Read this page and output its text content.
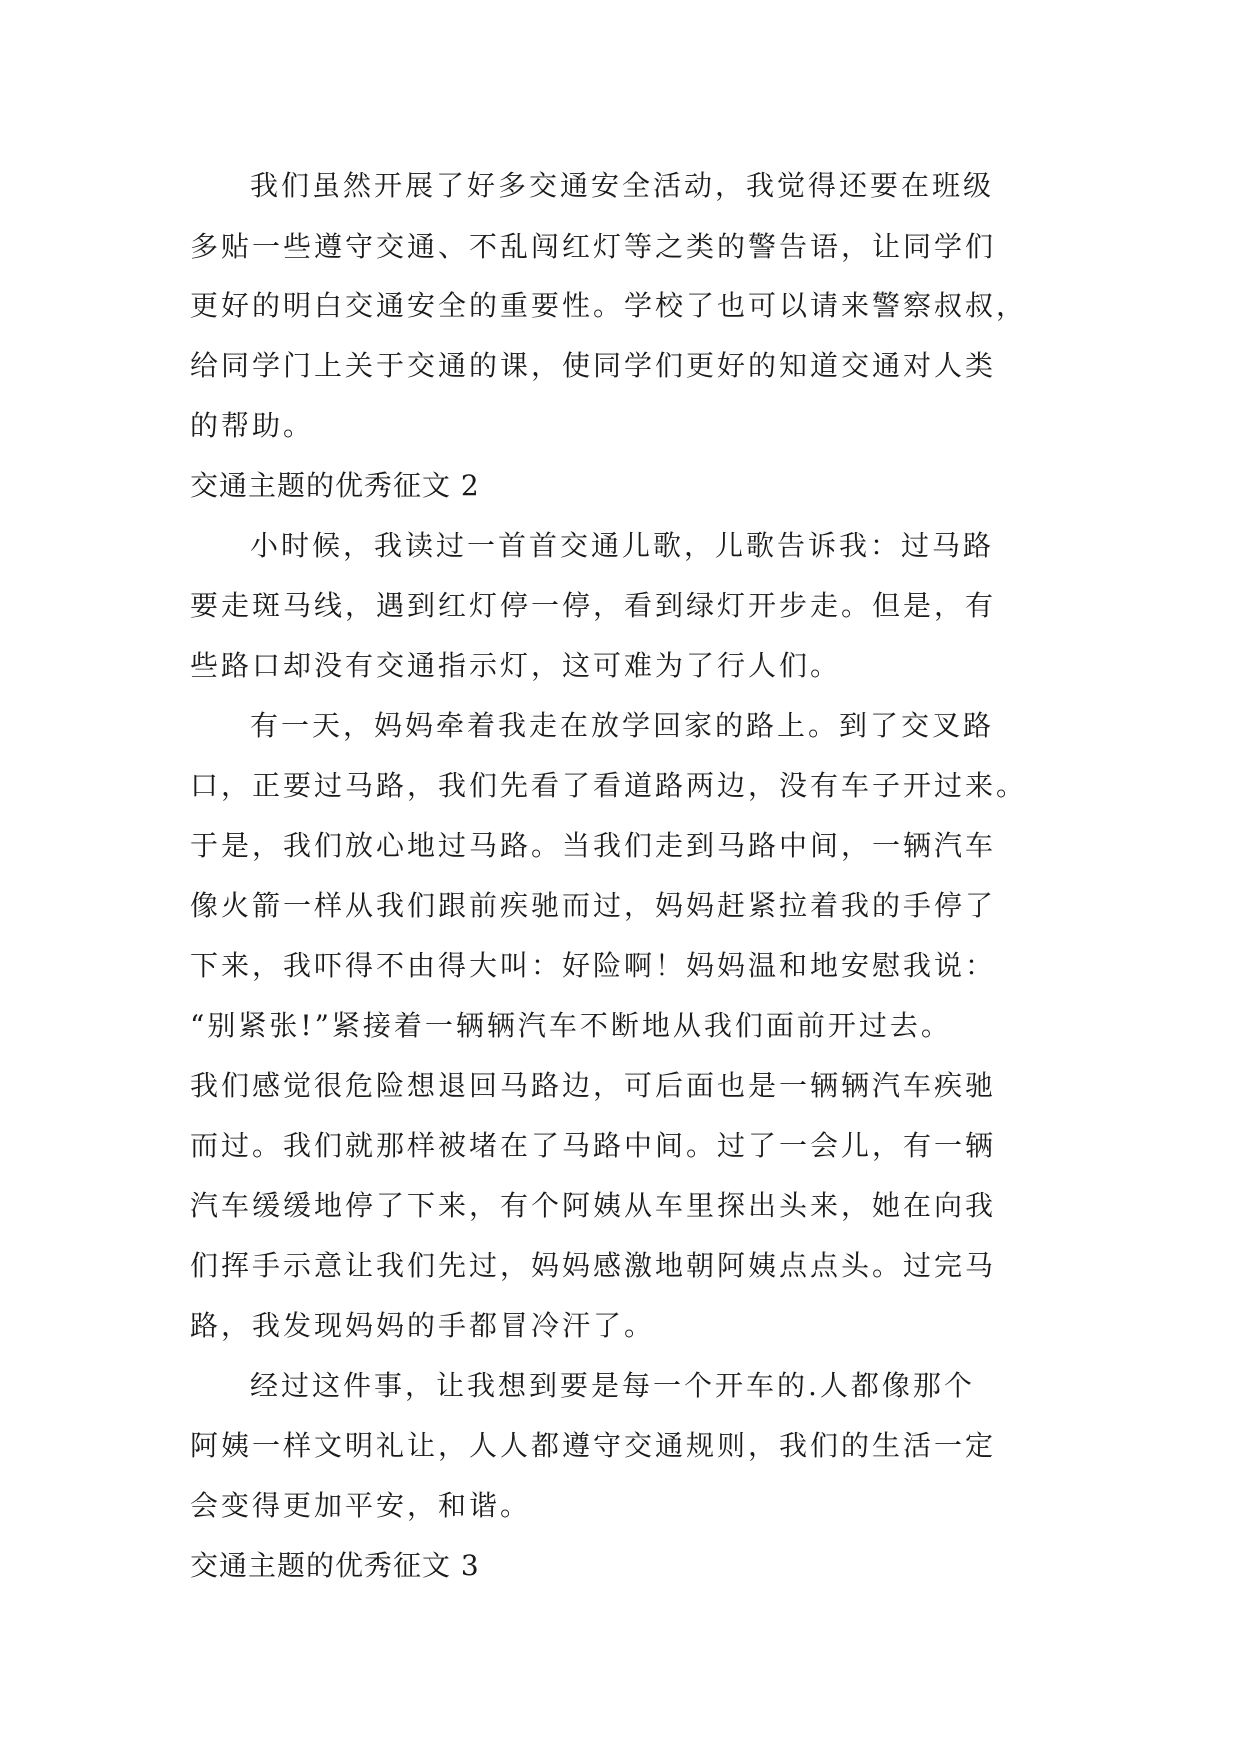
我们虽然开展了好多交通安全活动，我觉得还要在班级
多贴一些遵守交通、不乱闯红灯等之类的警告语，让同学们
更好的明白交通安全的重要性。学校了也可以请来警察叔叔，
给同学门上关于交通的课，使同学们更好的知道交通对人类
的帮助。
交通主题的优秀征文 2
小时候，我读过一首首交通儿歌，儿歌告诉我：过马路
要走斑马线，遇到红灯停一停，看到绿灯开步走。但是，有
些路口却没有交通指示灯，这可难为了行人们。
有一天，妈妈牵着我走在放学回家的路上。到了交叉路
口，正要过马路，我们先看了看道路两边，没有车子开过来。
于是，我们放心地过马路。当我们走到马路中间，一辆汽车
像火箭一样从我们跟前疾驰而过，妈妈赶紧拉着我的手停了
下来，我吓得不由得大叫：好险啊！妈妈温和地安慰我说：
“别紧张!”紧接着一辆辆汽车不断地从我们面前开过去。
我们感觉很危险想退回马路边，可后面也是一辆辆汽车疾驰
而过。我们就那样被堵在了马路中间。过了一会儿，有一辆
汽车缓缓地停了下来，有个阿姨从车里探出头来，她在向我
们挥手示意让我们先过，妈妈感激地朝阿姨点点头。过完马
路，我发现妈妈的手都冒冷汗了。
经过这件事，让我想到要是每一个开车的.人都像那个
阿姨一样文明礼让，人人都遵守交通规则，我们的生活一定
会变得更加平安，和谐。
交通主题的优秀征文 3
